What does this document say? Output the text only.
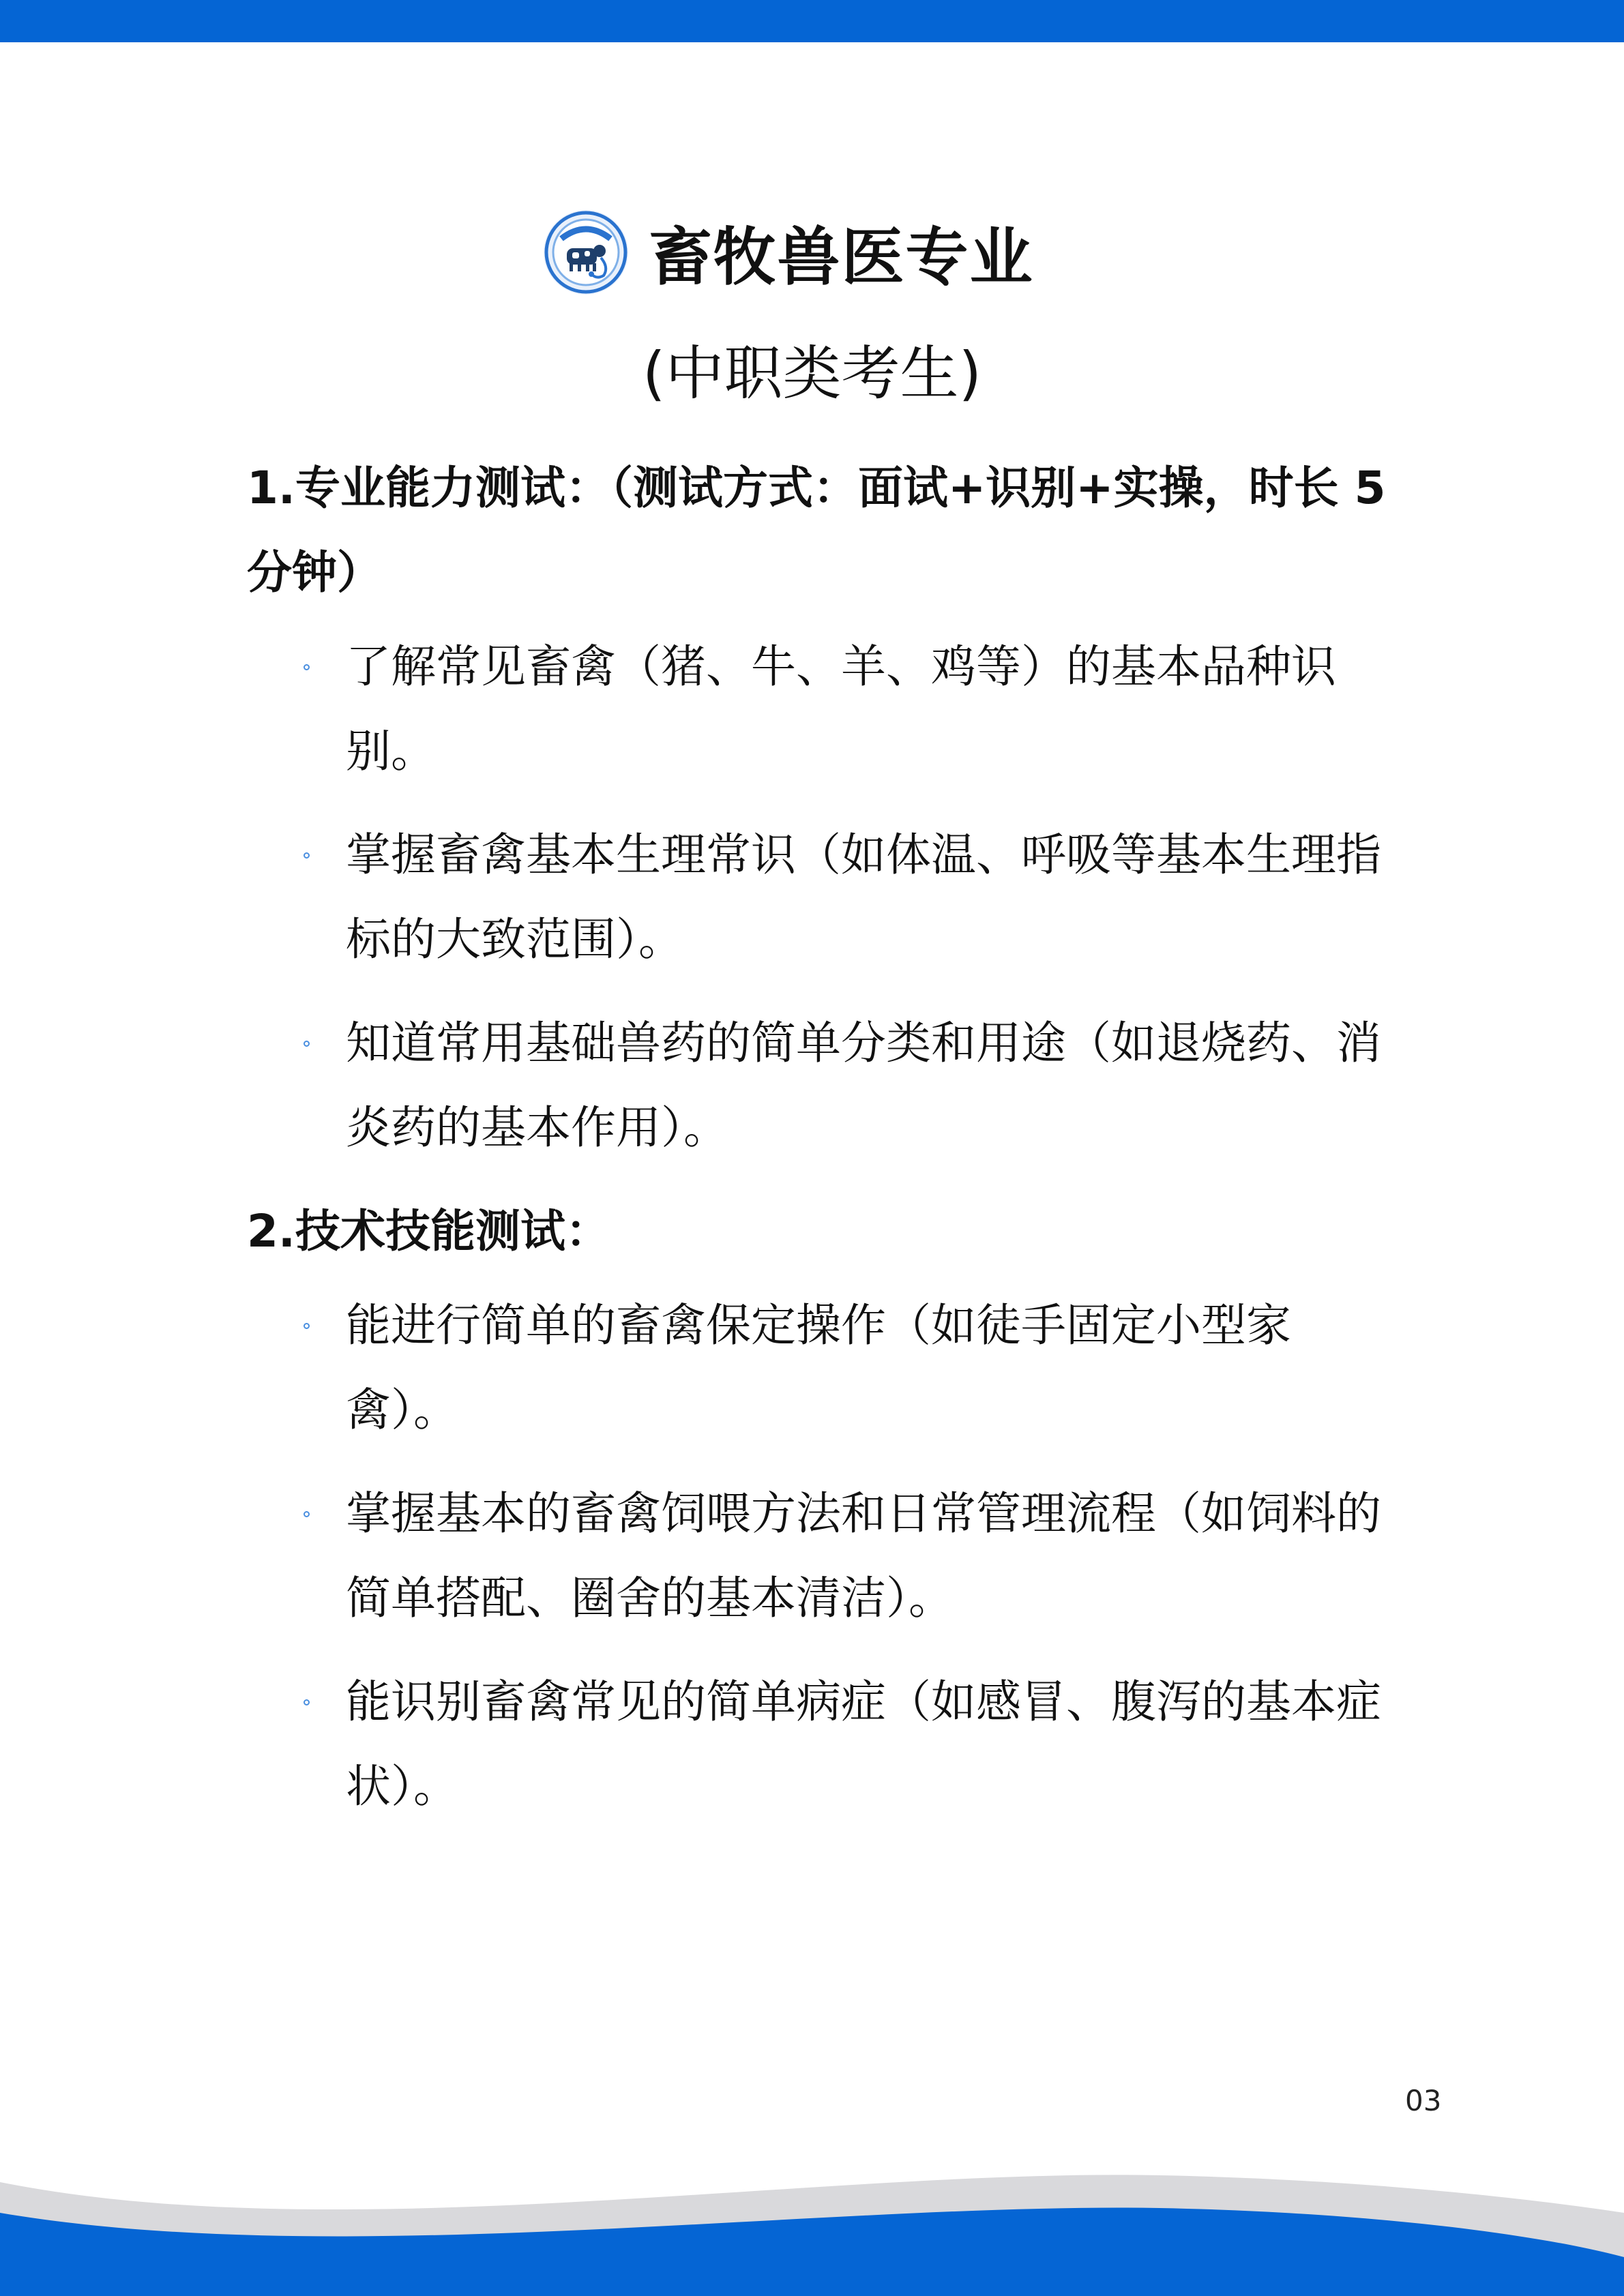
畜牧兽医专业
(中职类考生)

1.专业能力测试：（测试方式：面试+识别+实操，时长 5 分钟）

了解常见畜禽（猪、牛、羊、鸡等）的基本品种识别。
掌握畜禽基本生理常识（如体温、呼吸等基本生理指标的大致范围）。
知道常用基础兽药的简单分类和用途（如退烧药、消炎药的基本作用）。

2.技术技能测试：

能进行简单的畜禽保定操作（如徒手固定小型家禽）。
掌握基本的畜禽饲喂方法和日常管理流程（如饲料的简单搭配、圈舍的基本清洁）。
能识别畜禽常见的简单病症（如感冒、腹泻的基本症状）。
03
